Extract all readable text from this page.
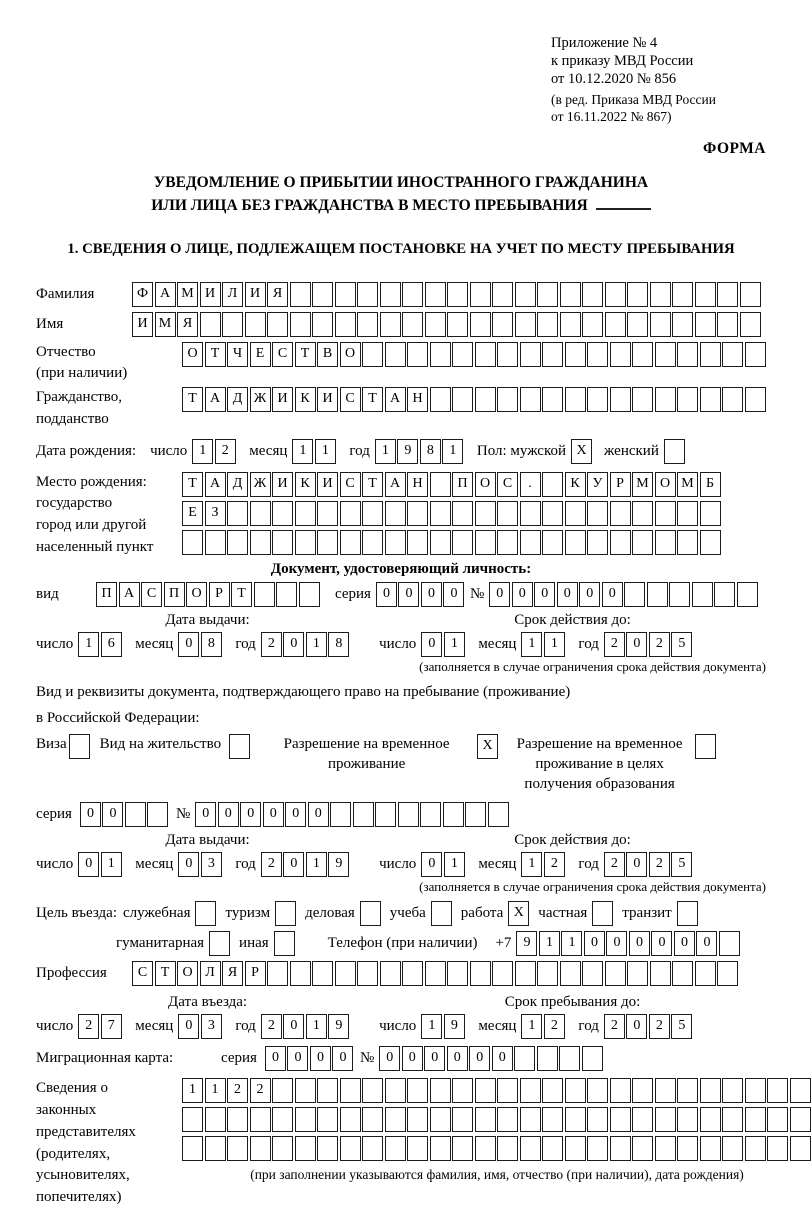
Приложение № 4
к приказу МВД России
от 10.12.2020 № 856
(в ред. Приказа МВД России
от 16.11.2022 № 867)
ФОРМА
УВЕДОМЛЕНИЕ О ПРИБЫТИИ ИНОСТРАННОГО ГРАЖДАНИНА
ИЛИ ЛИЦА БЕЗ ГРАЖДАНСТВА В МЕСТО ПРЕБЫВАНИЯ
1. СВЕДЕНИЯ О ЛИЦЕ, ПОДЛЕЖАЩЕМ ПОСТАНОВКЕ НА УЧЕТ ПО МЕСТУ ПРЕБЫВАНИЯ
Фамилия	Ф А М И Л И Я
Имя	И М Я
Отчество
(при наличии)
О Т Ч Е С Т В О
Гражданство,
подданство
Т А Д Ж И К И С Т А Н
Дата рождения: число 1	2	месяц 1	1	год 1	9	8	1	Пол: мужской X	женский
Место рождения:
государство
город или другой
населенный пункт
Т А Д Ж И К И С Т А Н	П О С	.	К У Р М О М Б
Е	З
Документ, удостоверяющий личность:
вид	П А С П О Р	Т	серия 0	0	0	0 № 0	0	0	0	0	0
Дата выдачи:
число 1	6	месяц 0	8	год 2	0	1	8
Срок действия до:
число 0	1	месяц 1	1	год 2	0	2	5
(заполняется в случае ограничения срока действия документа)
Вид и реквизиты документа, подтверждающего право на пребывание (проживание)
в Российской Федерации:
Виза Вид на жительство	Разрешение на временное проживание
X	Разрешение на временное проживание в целях получения образования
серия	0	0	№ 0	0	0	0	0	0
Дата выдачи:
число 0	1	месяц 0	3	год 2	0	1	9
Срок действия до:
число 0	1	месяц 1	2	год 2	0	2	5
(заполняется в случае ограничения срока действия документа)
Цель въезда: служебная туризм деловая учеба работа X частная транзит
гуманитарная иная	Телефон (при наличии) +7 9	1	1	0	0	0	0	0	0
Профессия	С Т О Л Я Р
Дата въезда:
число 2	7	месяц 0	3	год 2	0	1	9
Срок пребывания до:
число 1	9	месяц 1	2	год 2	0	2	5
Миграционная карта:	серия	0	0	0	0 № 0	0	0	0	0	0
Сведения о
законных
представителях
(родителях,
усыновителях,
попечителях)
1	1	2	2
(при заполнении указываются фамилия, имя, отчество (при наличии), дата рождения)
